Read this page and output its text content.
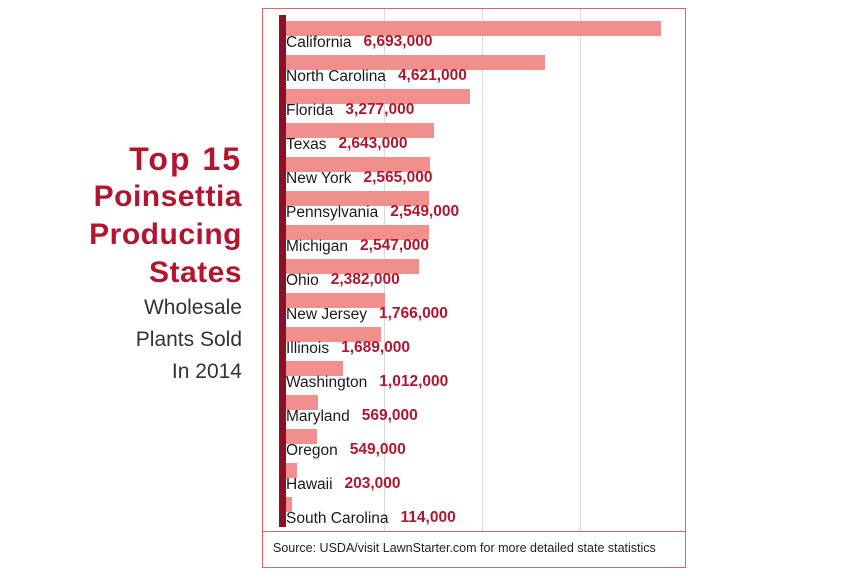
Top 15
Poinsettia
Producing
States
Wholesale
Plants Sold
In 2014
California 6,693,000
North Carolina 4,621,000
Florida 3,277,000
Texas 2,643,000
New York 2,565,000
Pennsylvania 2,549,000
Michigan 2,547,000
Ohio 2,382,000
New Jersey 1,766,000
Illinois 1,689,000
Washington 1,012,000
Maryland 569,000
Oregon 549,000
Hawaii 203,000
South Carolina 114,000
Source: USDA/visit LawnStarter.com for more detailed state statistics
